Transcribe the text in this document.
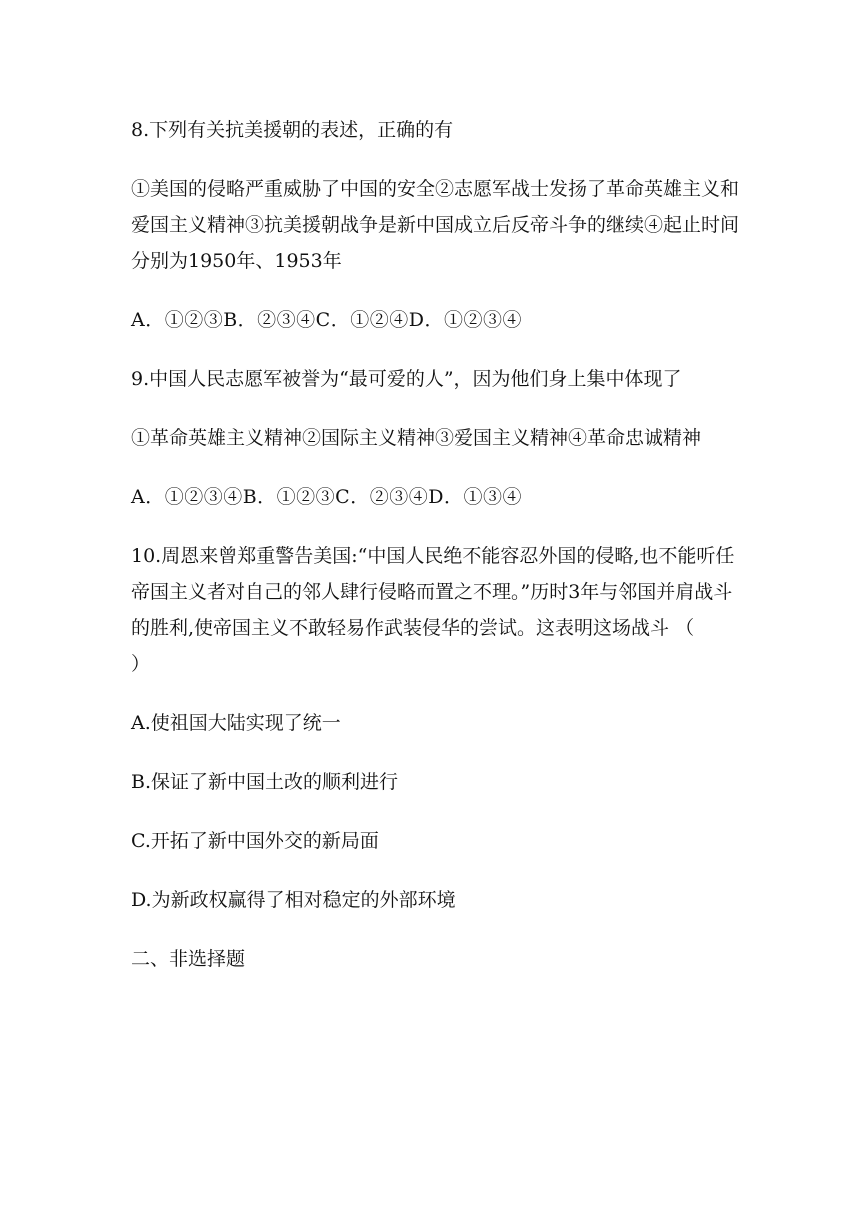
8.下列有关抗美援朝的表述，正确的有

①美国的侵略严重威胁了中国的安全②志愿军战士发扬了革命英雄主义和爱国主义精神③抗美援朝战争是新中国成立后反帝斗争的继续④起止时间分别为1950年、1953年

A．①②③B．②③④C．①②④D．①②③④

9.中国人民志愿军被誉为“最可爱的人”，因为他们身上集中体现了

①革命英雄主义精神②国际主义精神③爱国主义精神④革命忠诚精神

A．①②③④B．①②③C．②③④D．①③④

10.周恩来曾郑重警告美国:“中国人民绝不能容忍外国的侵略,也不能听任帝国主义者对自己的邻人肆行侵略而置之不理。”历时3年与邻国并肩战斗的胜利,使帝国主义不敢轻易作武装侵华的尝试。这表明这场战斗 （　　）

A.使祖国大陆实现了统一

B.保证了新中国土改的顺利进行

C.开拓了新中国外交的新局面

D.为新政权赢得了相对稳定的外部环境

二、非选择题
